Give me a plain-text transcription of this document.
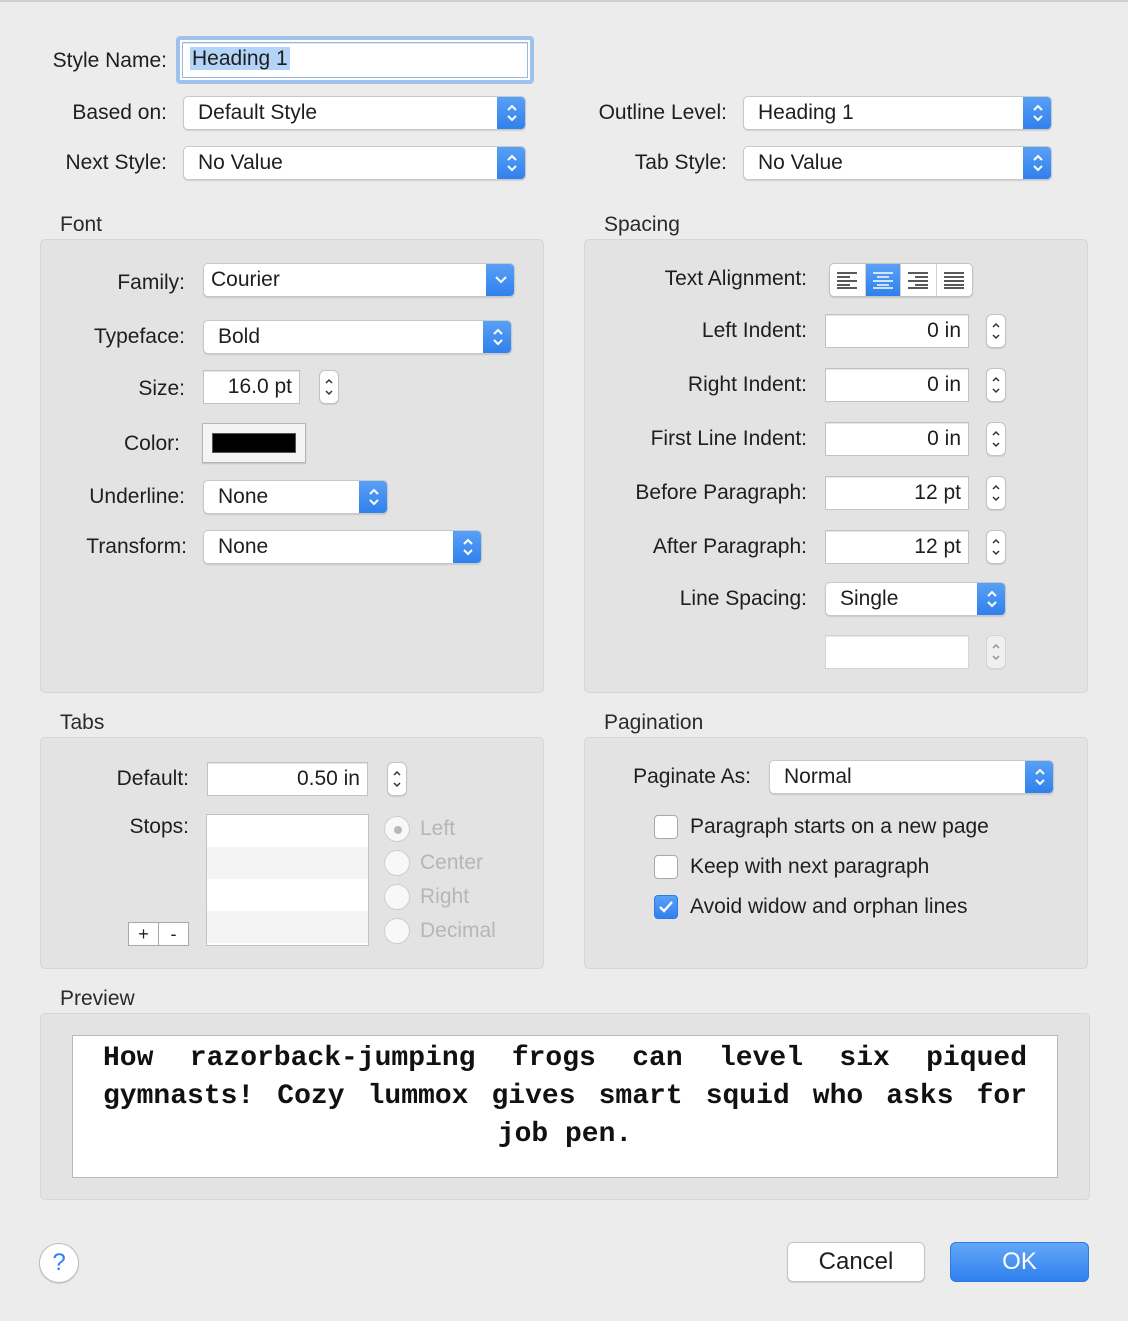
Style Name:	Heading 1
Based on:	Default Style
Next Style:	No Value
Outline Level:	Heading 1
Tab Style:	No Value
Font
Family:	Courier
Typeface:	Bold
Size:	16.0 pt
Color:
Underline:	None
Transform:	None
Spacing
Text Alignment:
Left Indent:	0 in
Right Indent:	0 in
First Line Indent:	0 in
Before Paragraph:	12 pt
After Paragraph:	12 pt
Line Spacing:	Single
Tabs
Default:	0.50 in
Stops:
+	-
Left
Center
Right
Decimal
Pagination
Paginate As:	Normal
Paragraph starts on a new page
Keep with next paragraph
Avoid widow and orphan lines
Preview
How razorback-jumping frogs can level six piqued gymnasts! Cozy lummox gives smart squid who asks for job pen.
?	Cancel	OK
